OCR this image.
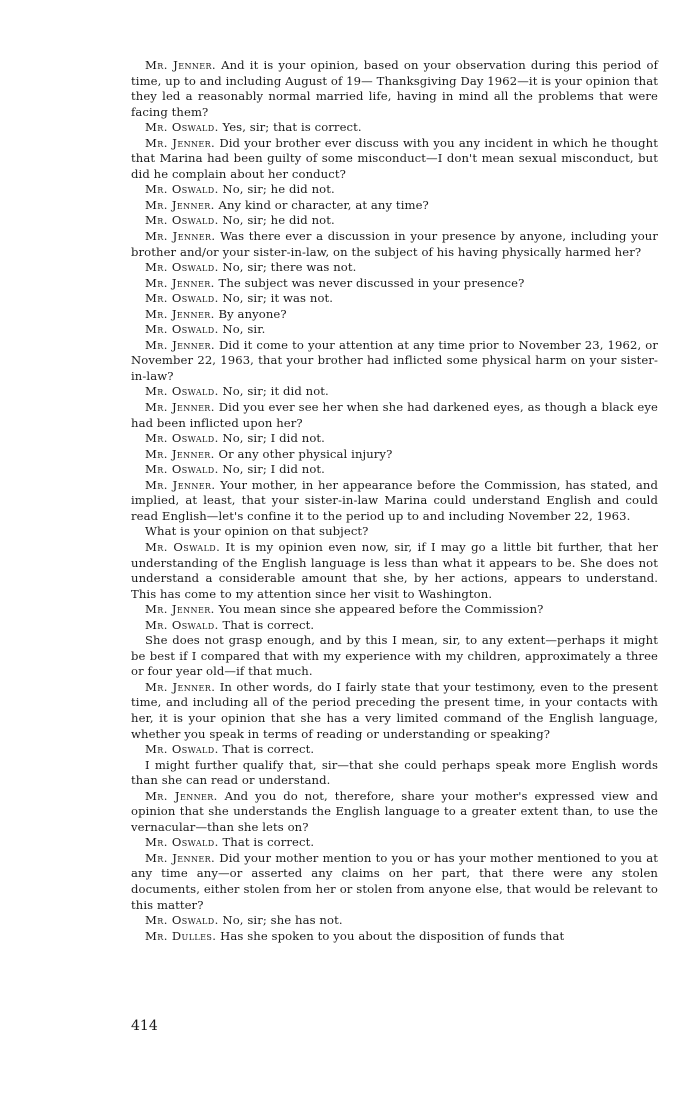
Mr. Jenner. And it is your opinion, based on your observation during this period of time, up to and including August of 19— Thanksgiving Day 1962—it is your opinion that they led a reasonably normal married life, having in mind all the problems that were facing them?

Mr. Oswald. Yes, sir; that is correct.

Mr. Jenner. Did your brother ever discuss with you any incident in which he thought that Marina had been guilty of some misconduct—I don't mean sexual misconduct, but did he complain about her conduct?

Mr. Oswald. No, sir; he did not.

Mr. Jenner. Any kind or character, at any time?

Mr. Oswald. No, sir; he did not.

Mr. Jenner. Was there ever a discussion in your presence by anyone, including your brother and/or your sister-in-law, on the subject of his having physically harmed her?

Mr. Oswald. No, sir; there was not.

Mr. Jenner. The subject was never discussed in your presence?

Mr. Oswald. No, sir; it was not.

Mr. Jenner. By anyone?

Mr. Oswald. No, sir.

Mr. Jenner. Did it come to your attention at any time prior to November 23, 1962, or November 22, 1963, that your brother had inflicted some physical harm on your sister-in-law?

Mr. Oswald. No, sir; it did not.

Mr. Jenner. Did you ever see her when she had darkened eyes, as though a black eye had been inflicted upon her?

Mr. Oswald. No, sir; I did not.

Mr. Jenner. Or any other physical injury?

Mr. Oswald. No, sir; I did not.

Mr. Jenner. Your mother, in her appearance before the Commission, has stated, and implied, at least, that your sister-in-law Marina could understand English and could read English—let's confine it to the period up to and including November 22, 1963.

What is your opinion on that subject?

Mr. Oswald. It is my opinion even now, sir, if I may go a little bit further, that her understanding of the English language is less than what it appears to be. She does not understand a considerable amount that she, by her actions, appears to understand. This has come to my attention since her visit to Washington.

Mr. Jenner. You mean since she appeared before the Commission?

Mr. Oswald. That is correct.

She does not grasp enough, and by this I mean, sir, to any extent—perhaps it might be best if I compared that with my experience with my children, approximately a three or four year old—if that much.

Mr. Jenner. In other words, do I fairly state that your testimony, even to the present time, and including all of the period preceding the present time, in your contacts with her, it is your opinion that she has a very limited command of the English language, whether you speak in terms of reading or understanding or speaking?

Mr. Oswald. That is correct.

I might further qualify that, sir—that she could perhaps speak more English words than she can read or understand.

Mr. Jenner. And you do not, therefore, share your mother's expressed view and opinion that she understands the English language to a greater extent than, to use the vernacular—than she lets on?

Mr. Oswald. That is correct.

Mr. Jenner. Did your mother mention to you or has your mother mentioned to you at any time any—or asserted any claims on her part, that there were any stolen documents, either stolen from her or stolen from anyone else, that would be relevant to this matter?

Mr. Oswald. No, sir; she has not.

Mr. Dulles. Has she spoken to you about the disposition of funds that

414
